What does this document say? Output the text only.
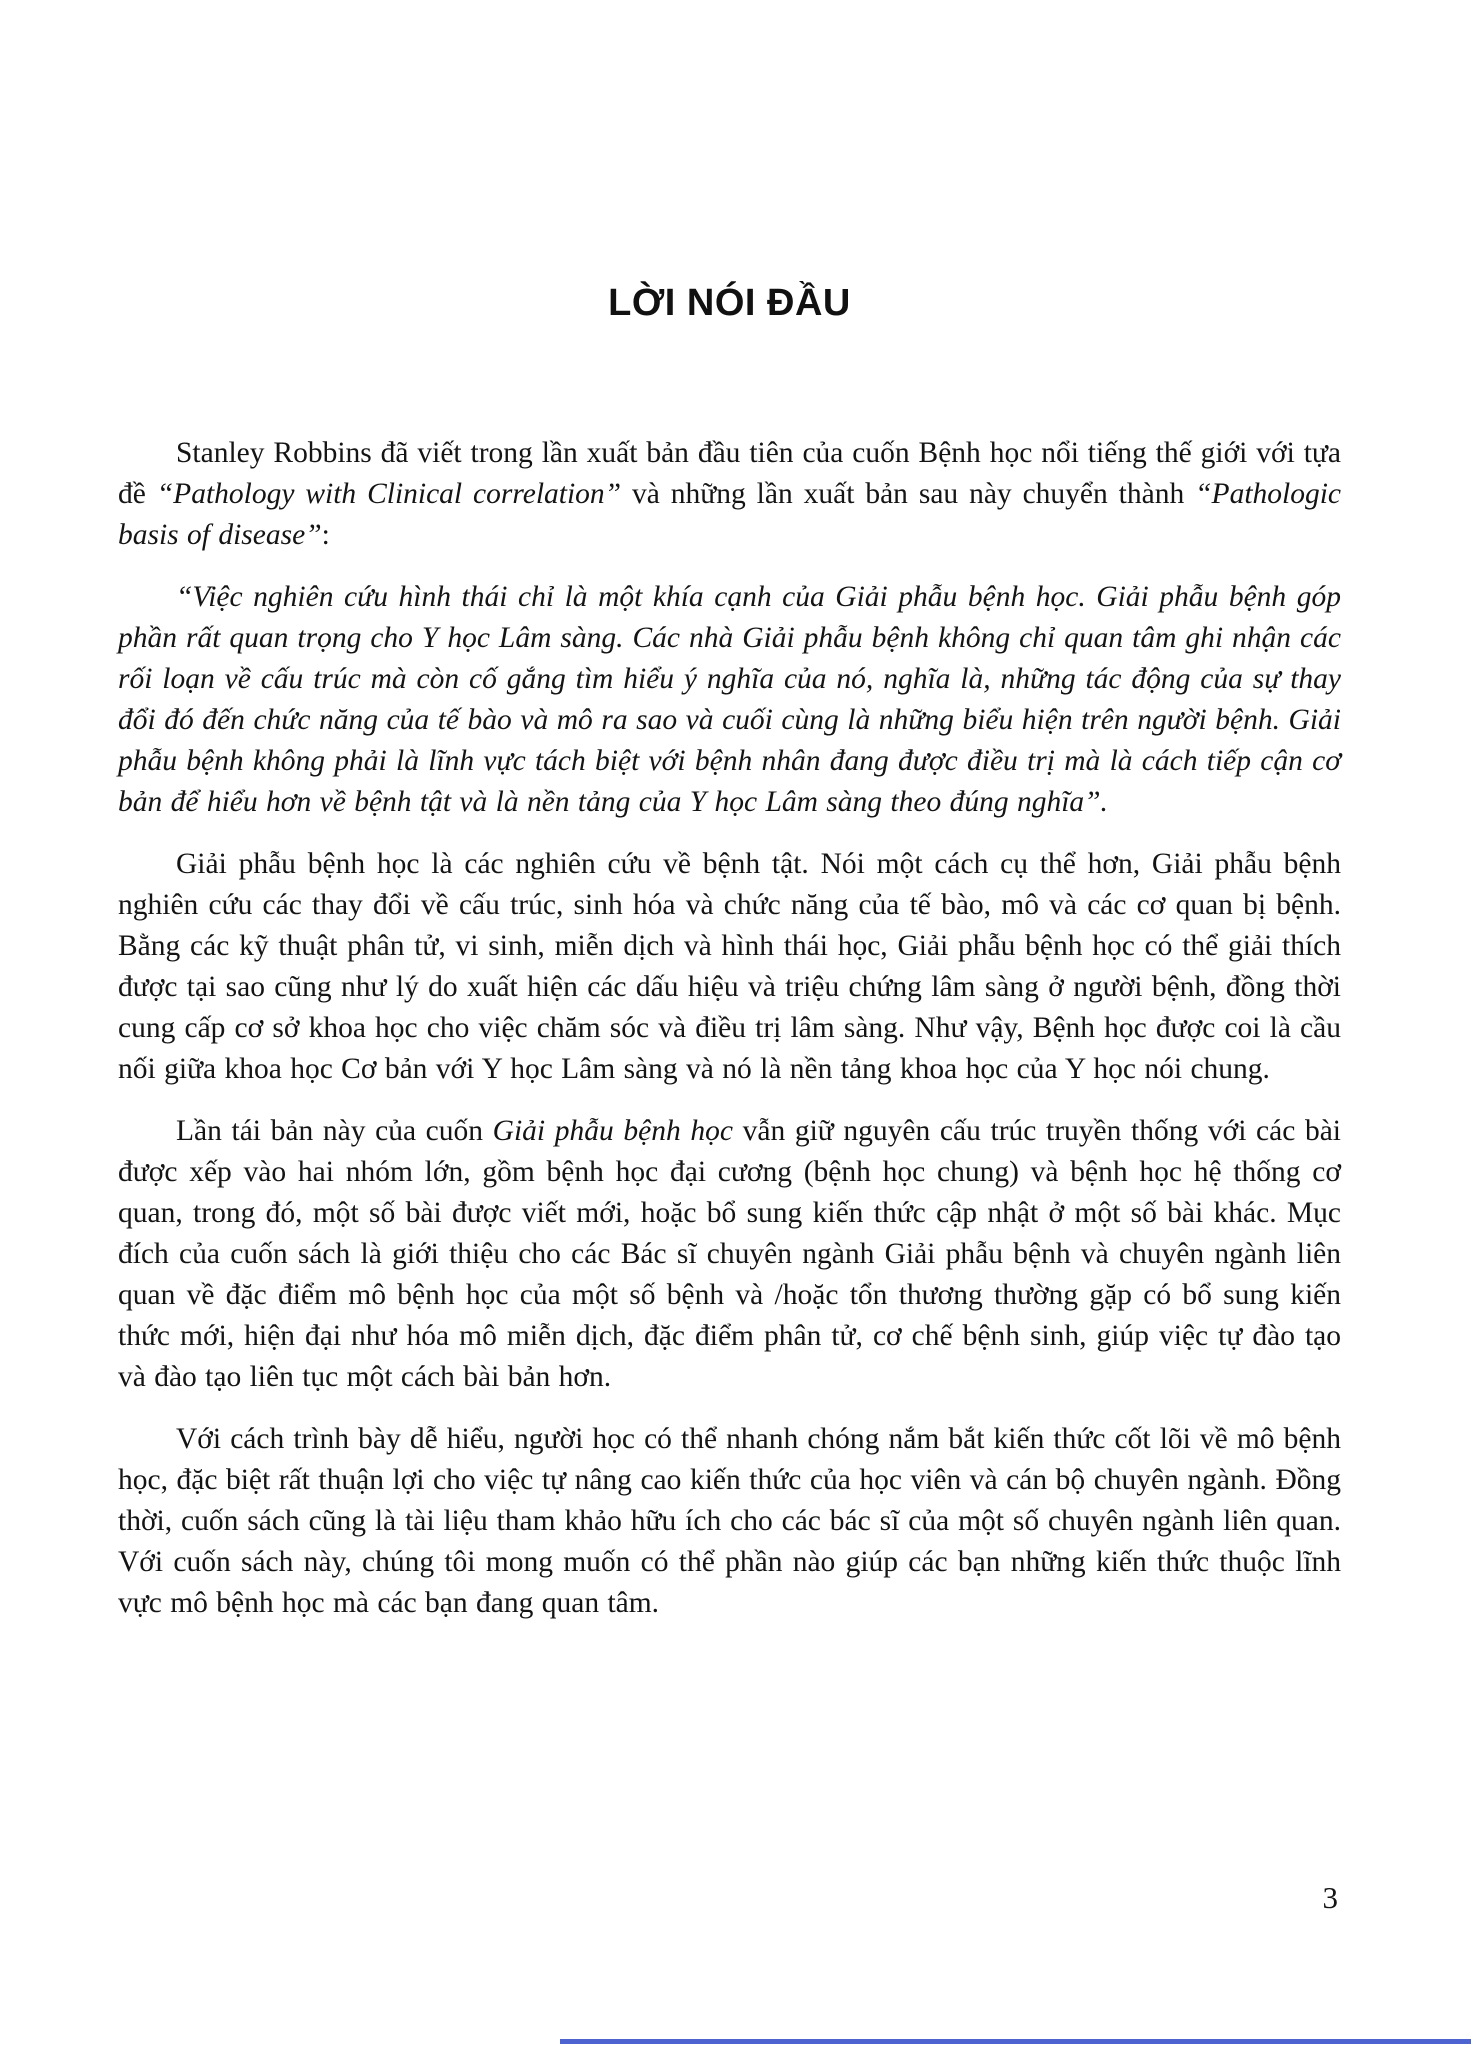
LỜI NÓI ĐẦU

Stanley Robbins đã viết trong lần xuất bản đầu tiên của cuốn Bệnh học nổi tiếng thế giới với tựa đề “Pathology with Clinical correlation” và những lần xuất bản sau này chuyển thành “Pathologic basis of disease”:

“Việc nghiên cứu hình thái chỉ là một khía cạnh của Giải phẫu bệnh học. Giải phẫu bệnh góp phần rất quan trọng cho Y học Lâm sàng. Các nhà Giải phẫu bệnh không chỉ quan tâm ghi nhận các rối loạn về cấu trúc mà còn cố gắng tìm hiểu ý nghĩa của nó, nghĩa là, những tác động của sự thay đổi đó đến chức năng của tế bào và mô ra sao và cuối cùng là những biểu hiện trên người bệnh. Giải phẫu bệnh không phải là lĩnh vực tách biệt với bệnh nhân đang được điều trị mà là cách tiếp cận cơ bản để hiểu hơn về bệnh tật và là nền tảng của Y học Lâm sàng theo đúng nghĩa”.

Giải phẫu bệnh học là các nghiên cứu về bệnh tật. Nói một cách cụ thể hơn, Giải phẫu bệnh nghiên cứu các thay đổi về cấu trúc, sinh hóa và chức năng của tế bào, mô và các cơ quan bị bệnh. Bằng các kỹ thuật phân tử, vi sinh, miễn dịch và hình thái học, Giải phẫu bệnh học có thể giải thích được tại sao cũng như lý do xuất hiện các dấu hiệu và triệu chứng lâm sàng ở người bệnh, đồng thời cung cấp cơ sở khoa học cho việc chăm sóc và điều trị lâm sàng. Như vậy, Bệnh học được coi là cầu nối giữa khoa học Cơ bản với Y học Lâm sàng và nó là nền tảng khoa học của Y học nói chung.

Lần tái bản này của cuốn Giải phẫu bệnh học vẫn giữ nguyên cấu trúc truyền thống với các bài được xếp vào hai nhóm lớn, gồm bệnh học đại cương (bệnh học chung) và bệnh học hệ thống cơ quan, trong đó, một số bài được viết mới, hoặc bổ sung kiến thức cập nhật ở một số bài khác. Mục đích của cuốn sách là giới thiệu cho các Bác sĩ chuyên ngành Giải phẫu bệnh và chuyên ngành liên quan về đặc điểm mô bệnh học của một số bệnh và /hoặc tổn thương thường gặp có bổ sung kiến thức mới, hiện đại như hóa mô miễn dịch, đặc điểm phân tử, cơ chế bệnh sinh, giúp việc tự đào tạo và đào tạo liên tục một cách bài bản hơn.

Với cách trình bày dễ hiểu, người học có thể nhanh chóng nắm bắt kiến thức cốt lõi về mô bệnh học, đặc biệt rất thuận lợi cho việc tự nâng cao kiến thức của học viên và cán bộ chuyên ngành. Đồng thời, cuốn sách cũng là tài liệu tham khảo hữu ích cho các bác sĩ của một số chuyên ngành liên quan. Với cuốn sách này, chúng tôi mong muốn có thể phần nào giúp các bạn những kiến thức thuộc lĩnh vực mô bệnh học mà các bạn đang quan tâm.

3
